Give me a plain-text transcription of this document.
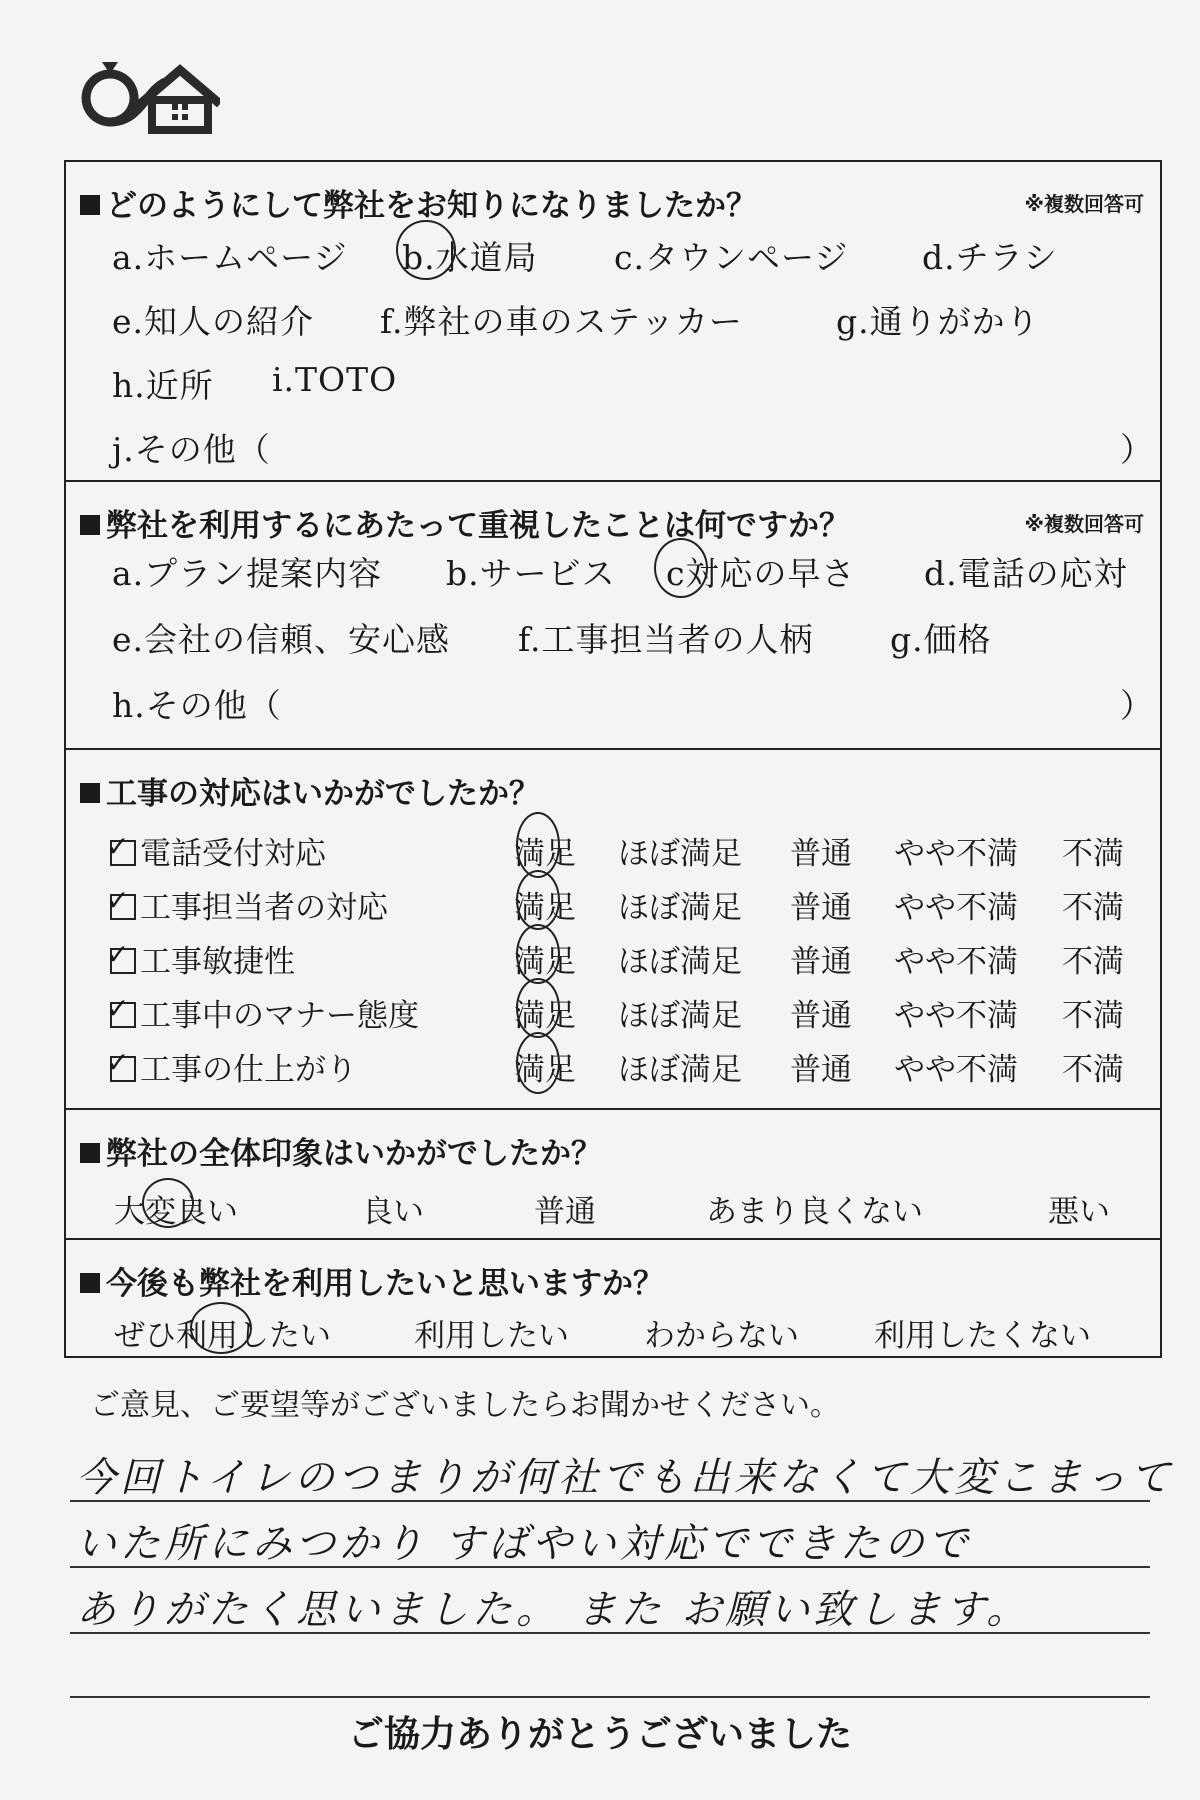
どのようにして弊社をお知りになりましたか？	※複数回答可
a.ホームページ b.水道局 c.タウンページ d.チラシ
e.知人の紹介 f.弊社の車のステッカー	g.通りがかり
h.近所 i.TOTO
j.その他（	）
弊社を利用するにあたって重視したことは何ですか？	※複数回答可
a.プラン提案内容 b.サービス c対応の早さ d.電話の応対
e.会社の信頼、安心感 f.工事担当者の人柄 g.価格
h.その他（	）
工事の対応はいかがでしたか？
✓ 電話受付対応	満足 ほぼ満足 普通 やや不満 不満
✓ 工事担当者の対応	満足 ほぼ満足 普通 やや不満 不満
✓ 工事敏捷性	満足 ほぼ満足 普通 やや不満 不満
✓ 工事中のマナー態度	満足 ほぼ満足 普通 やや不満 不満
✓ 工事の仕上がり	満足 ほぼ満足 普通 やや不満 不満
弊社の全体印象はいかがでしたか？
大変良い	良い	普通	あまり良くない	悪い
今後も弊社を利用したいと思いますか？
ぜひ利用したい	利用したい わからない 利用したくない
ご意見、ご要望等がございましたらお聞かせください。
今回トイレのつまりが何社でも出来なくて大変こまって
いた所にみつかり すばやい対応でできたので
ありがたく思いました。 また お願い致します。
ご協力ありがとうございました
